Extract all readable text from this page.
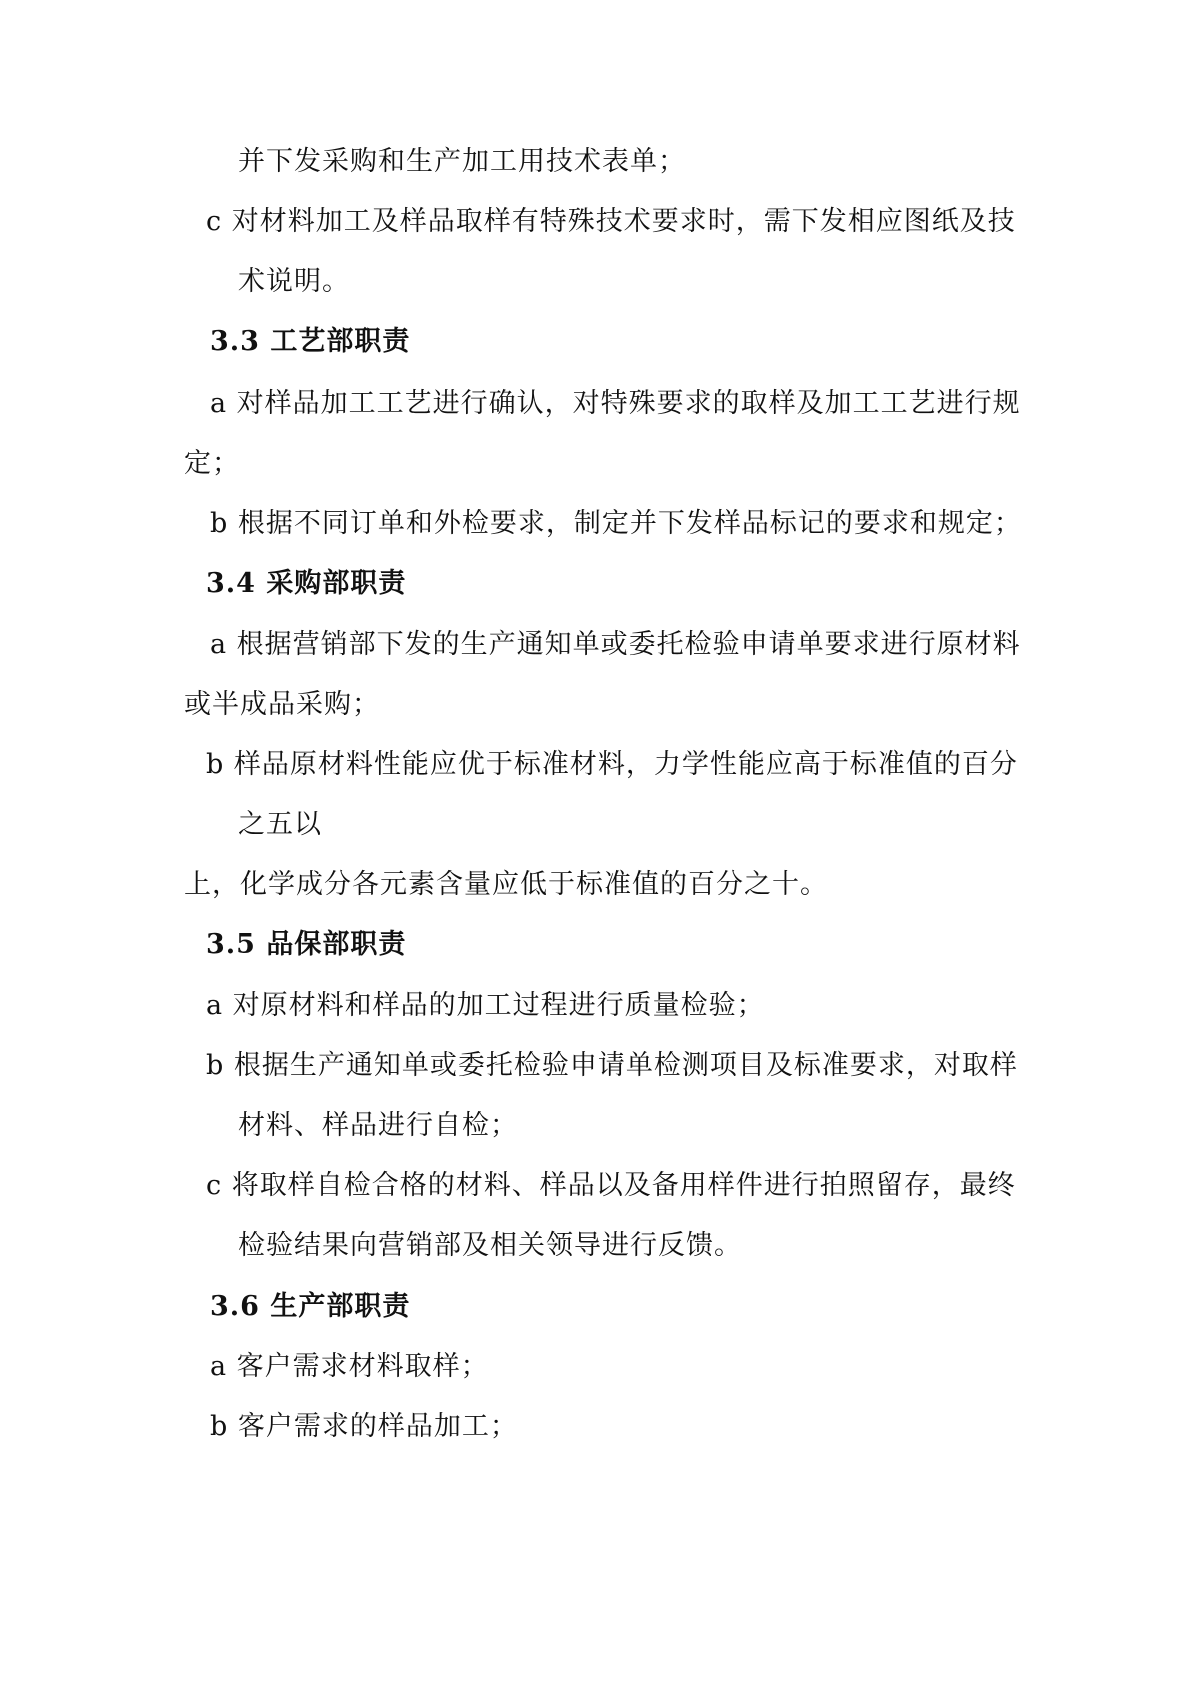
并下发采购和生产加工用技术表单；
c 对材料加工及样品取样有特殊技术要求时，需下发相应图纸及技
术说明。
3.3 工艺部职责
a 对样品加工工艺进行确认，对特殊要求的取样及加工工艺进行规
定；
b 根据不同订单和外检要求，制定并下发样品标记的要求和规定；
3.4 采购部职责
a 根据营销部下发的生产通知单或委托检验申请单要求进行原材料
或半成品采购；
b 样品原材料性能应优于标准材料，力学性能应高于标准值的百分
之五以
上，化学成分各元素含量应低于标准值的百分之十。
3.5 品保部职责
a 对原材料和样品的加工过程进行质量检验；
b 根据生产通知单或委托检验申请单检测项目及标准要求，对取样
材料、样品进行自检；
c 将取样自检合格的材料、样品以及备用样件进行拍照留存，最终
检验结果向营销部及相关领导进行反馈。
3.6 生产部职责
a 客户需求材料取样；
b 客户需求的样品加工；
